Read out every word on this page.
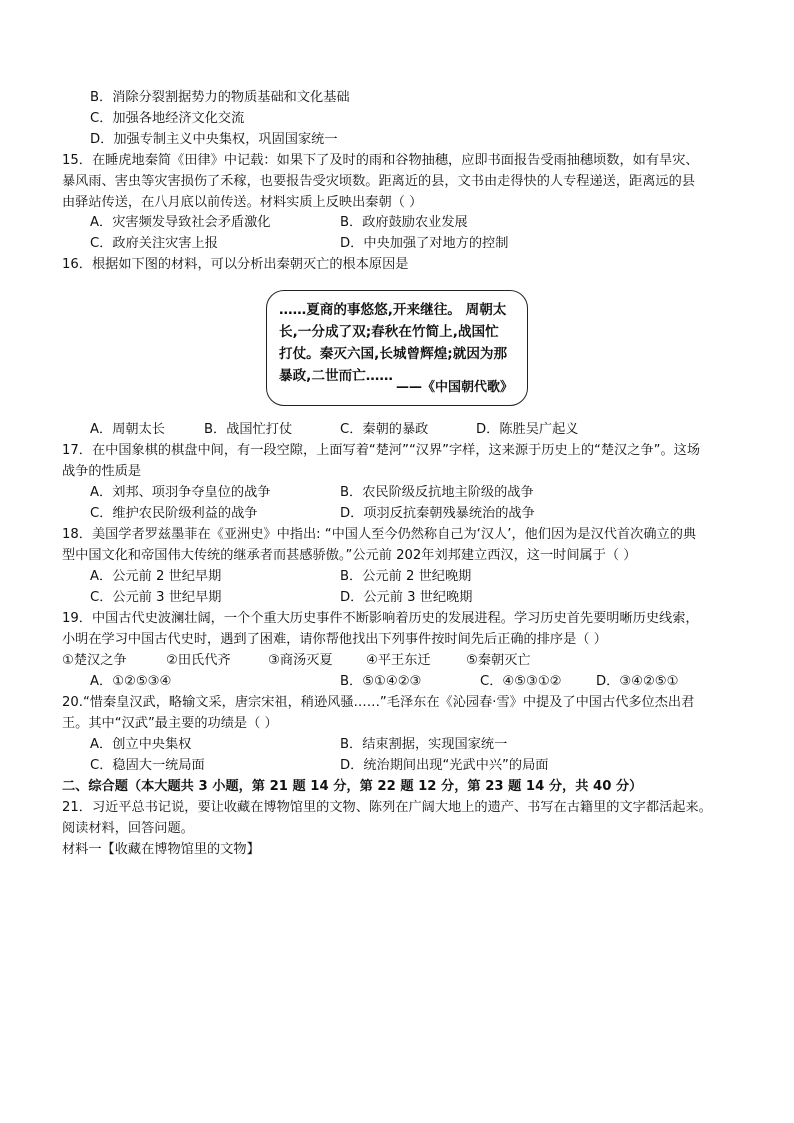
B．消除分裂割据势力的物质基础和文化基础
C．加强各地经济文化交流
D．加强专制主义中央集权，巩固国家统一
15．在睡虎地秦简《田律》中记载：如果下了及时的雨和谷物抽穗，应即书面报告受雨抽穗顷数，如有旱灾、
暴风雨、害虫等灾害损伤了禾稼，也要报告受灾顷数。距离近的县，文书由走得快的人专程递送，距离远的县
由驿站传送，在八月底以前传送。材料实质上反映出秦朝（ ）
A．灾害频发导致社会矛盾激化	B．政府鼓励农业发展
C．政府关注灾害上报	D．中央加强了对地方的控制
16．根据如下图的材料，可以分析出秦朝灭亡的根本原因是
……夏商的事悠悠,开来继往。 周朝太
长,一分成了双;春秋在竹简上,战国忙
打仗。秦灭六国,长城曾辉煌;就因为那
暴政,二世而亡……
——《中国朝代歌》
A．周朝太长	B．战国忙打仗	C．秦朝的暴政	D．陈胜吴广起义
17．在中国象棋的棋盘中间，有一段空隙，上面写着“楚河”“汉界”字样，这来源于历史上的“楚汉之争”。这场
战争的性质是
A．刘邦、项羽争夺皇位的战争	B．农民阶级反抗地主阶级的战争
C．维护农民阶级利益的战争	D．项羽反抗秦朝残暴统治的战争
18．美国学者罗兹墨菲在《亚洲史》中指出: “中国人至今仍然称自己为‘汉人’，他们因为是汉代首次确立的典
型中国文化和帝国伟大传统的继承者而甚感骄傲。”公元前 202年刘邦建立西汉，这一时间属于（ ）
A．公元前 2 世纪早期	B．公元前 2 世纪晚期
C．公元前 3 世纪早期	D．公元前 3 世纪晚期
19．中国古代史波澜壮阔，一个个重大历史事件不断影响着历史的发展进程。学习历史首先要明晰历史线索，
小明在学习中国古代史时，遇到了困难，请你帮他找出下列事件按时间先后正确的排序是（ ）
①楚汉之争	②田氏代齐	③商汤灭夏	④平王东迁	⑤秦朝灭亡
A．①②⑤③④	B．⑤①④②③	C．④⑤③①②	D．③④②⑤①
20.“惜秦皇汉武，略输文采，唐宗宋祖，稍逊风骚……”毛泽东在《沁园春·雪》中提及了中国古代多位杰出君
王。其中“汉武”最主要的功绩是（ ）
A．创立中央集权	B．结束割据，实现国家统一
C．稳固大一统局面	D．统治期间出现“光武中兴”的局面
二、综合题（本大题共 3 小题，第 21 题 14 分，第 22 题 12 分，第 23 题 14 分，共 40 分）
21．习近平总书记说，要让收藏在博物馆里的文物、陈列在广阔大地上的遗产、书写在古籍里的文字都活起来。
阅读材料，回答问题。
材料一【收藏在博物馆里的文物】
